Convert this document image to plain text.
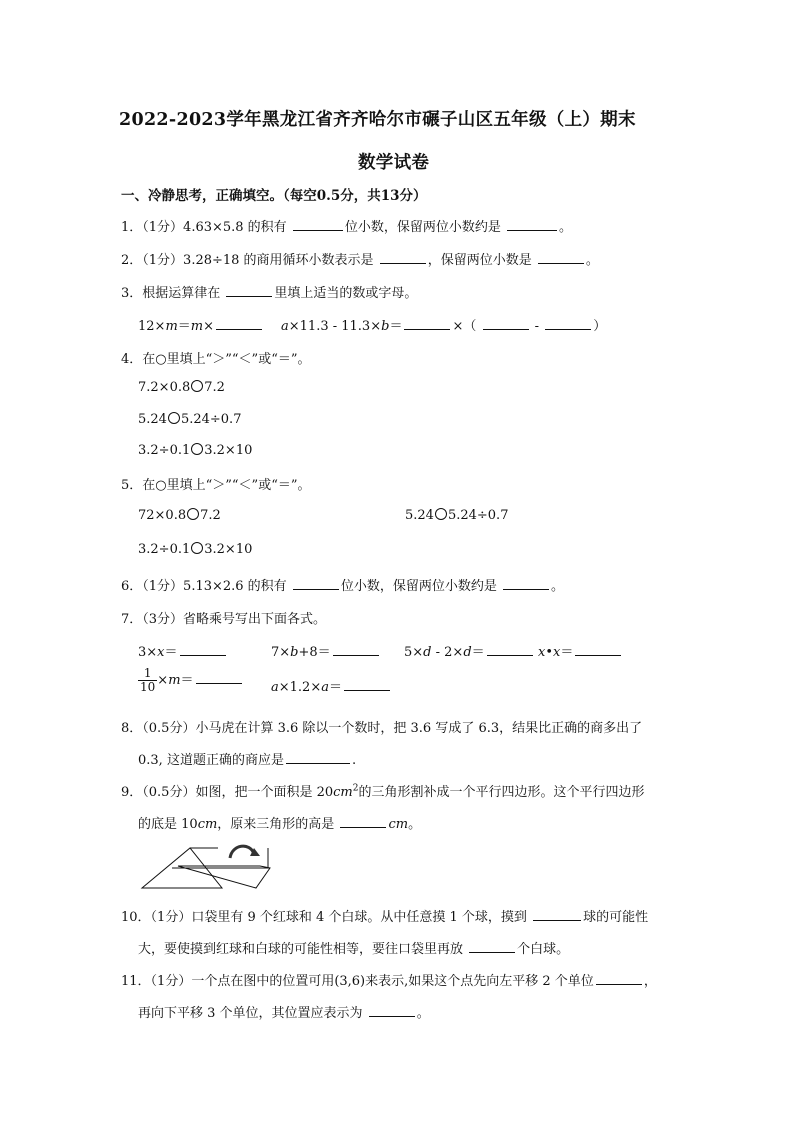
2022-2023学年黑龙江省齐齐哈尔市碾子山区五年级（上）期末
数学试卷
一、冷静思考，正确填空。（每空0.5分，共13分）
1．（1分）4.63×5.8 的积有	位小数，保留两位小数约是	。
2．（1分）3.28÷18 的商用循环小数表示是	，保留两位小数是	。
3．根据运算律在	里填上适当的数或字母。
12×m＝m×	a×11.3 - 11.3×b＝	×（	-	）
4．在○里填上“＞”“＜”或“＝”。
7.2×0.8 7.2
5.24 5.24÷0.7
3.2÷0.1 3.2×10
5．在○里填上“＞”“＜”或“＝”。
72×0.8 7.2	5.24 5.24÷0.7
3.2÷0.1 3.2×10
6．（1分）5.13×2.6 的积有	位小数，保留两位小数约是	。
7．（3分）省略乘号写出下面各式。
3×x＝	7×b+8＝	5×d - 2×d＝	x•x＝
$\frac{1}{10} \times m=$	a×1.2×a＝
8．（0.5分）小马虎在计算 3.6 除以一个数时，把 3.6 写成了 6.3，结果比正确的商多出了
0.3, 这道题正确的商应是	.
9．（0.5分）如图，把一个面积是 $20cm^2$的三角形割补成一个平行四边形。这个平行四边形
的底是 10cm，原来三角形的高是	cm。
10．（1分）口袋里有 9 个红球和 4 个白球。从中任意摸 1 个球，摸到	球的可能性
大，要使摸到红球和白球的可能性相等，要往口袋里再放	个白球。
11．（1分）一个点在图中的位置可用(3,6)来表示,如果这个点先向左平移 2 个单位	，
再向下平移 3 个单位，其位置应表示为	。
